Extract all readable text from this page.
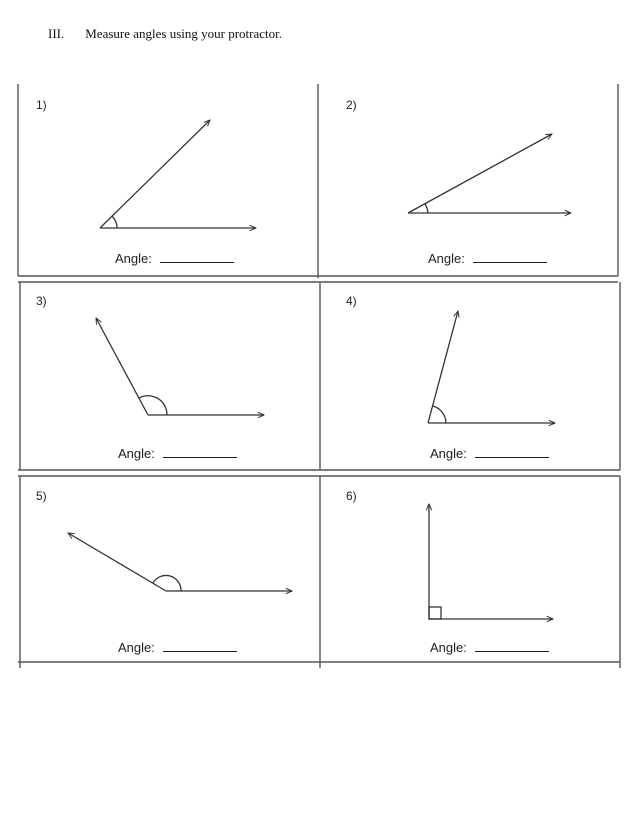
III. Measure angles using your protractor.
1)	2)
3)	4)
5)	6)
Angle:	Angle:
Angle:	Angle:
Angle:	Angle:
